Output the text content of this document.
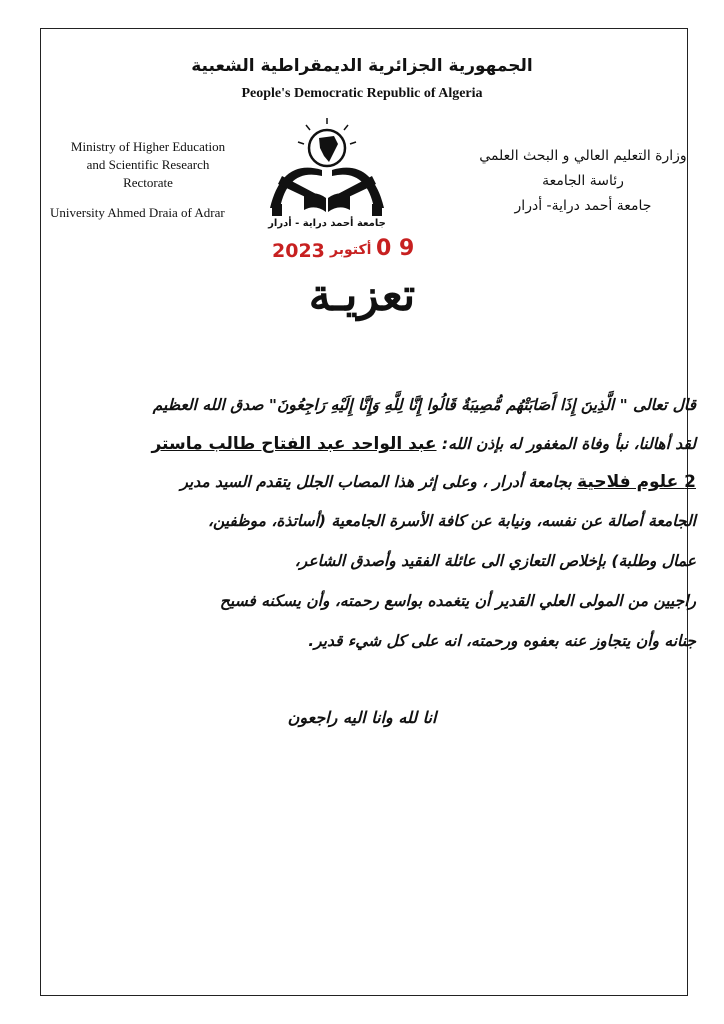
الجمهورية الجزائرية الديمقراطية الشعبية
People's Democratic Republic of Algeria
Ministry of Higher Education
and Scientific Research
Rectorate
University Ahmed Draia of Adrar
وزارة التعليم العالي و البحث العلمي
رئاسة الجامعة
جامعة أحمد دراية- أدرار
جامعة أحمد دراية - أدرار
2023 أكتوبر 0 9
تعزيـة
قال تعالى " الَّذِينَ إِذَا أَصَابَتْهُم مُّصِيبَةٌ قَالُوا إِنَّا لِلَّهِ وَإِنَّا إِلَيْهِ رَاجِعُونَ" صدق الله العظيم
لقد أهالنا، نبأ وفاة المغفور له بإذن الله: عبد الواحد عبد الفتاح طالب ماستر
2 علوم فلاحية بجامعة أدرار ، وعلى إثر هذا المصاب الجلل يتقدم السيد مدير
الجامعة أصالة عن نفسه، ونيابة عن كافة الأسرة الجامعية (أساتذة، موظفين،
عمال وطلبة) بإخلاص التعازي الى عائلة الفقيد وأصدق الشاعر،
راجيين من المولى العلي القدير أن يتغمده بواسع رحمته، وأن يسكنه فسيح
جنانه وأن يتجاوز عنه بعفوه ورحمته، انه على كل شيء قدير.
انا لله وانا اليه راجعون
